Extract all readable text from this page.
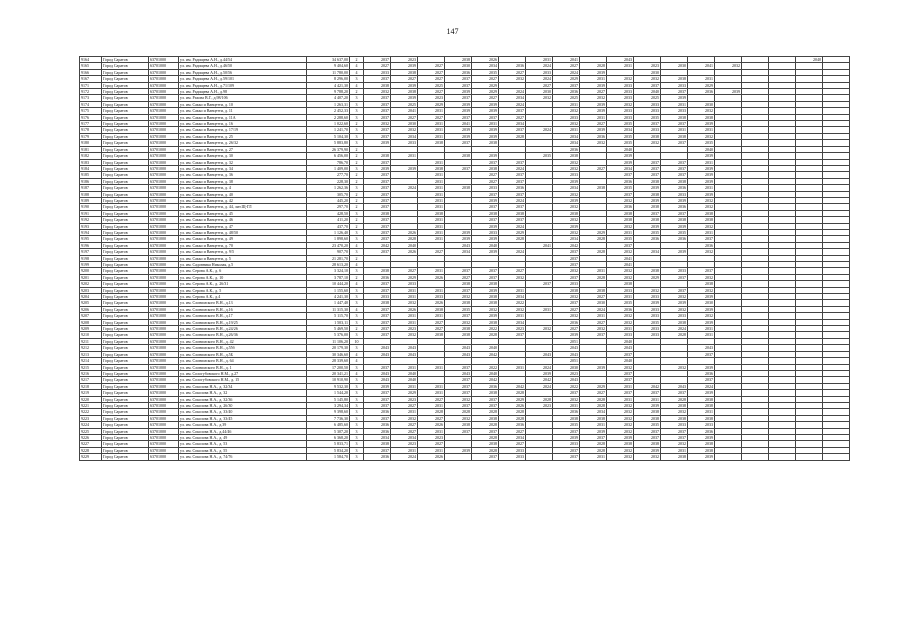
147
9164	Город Саратов	63701000	ул. им. Радищева А.Н., д.44/54	34 637,00	2	2037	2023		2038	2026		2031	2041		2043							2040	
9165	Город Саратов	63701000	ул. им. Радищева А.Н., д.46/50	9 404,60	4	2027	2039	2027	2030	2034	2036	2024	2027	2028	2031	2023	2030	2041	2032				
9166	Город Саратов	63701000	ул. им. Радищева А.Н., д.50/56	11 780,00	4	2033	2038	2027	2036	2035	2027	2033	2024	2039		2030							
9167	Город Саратов	63701000	ул. им. Радищева А.Н., д.59/101	8 296,00	3	2037	2027	2027	2037	2027	2032	2024	2029	2031	2032	2032	2038	2031					
9171	Город Саратов	63701000	ул. им. Радищева А.Н., д.71/109	4 421,30	4	2038	2039	2025	2037	2029		2027	2037	2039	2033	2037	2033	2029					
9172	Город Саратов	63701000	ул. им. Радищева А.Н., д.98	9 788,20	2	2032	2038	2027	2039	2029	2024	2030	2036	2027	2033	2040	2037	2036	2039				
9173	Город Саратов	63701000	ул. им. Рахова В.Г., д.98/106	4 407,20	3	2037	2039	2023	2037	2027	2034	2032	2025	2032	2033	2025	2039						
9174	Город Саратов	63701000	ул. им. Сакко и Ванцетти, д. 10	1 263,31	3	2037	2025	2029	2039	2039	2024		2031	2039	2032	2033	2031	2030					
9175	Город Саратов	63701000	ул. им. Сакко и Ванцетти, д. 11	2 452,33	3	2037	2041	2031	2039	2039	2037		2032	2039	2033	2033	2033	2032					
9176	Город Саратов	63701000	ул. им. Сакко и Ванцетти, д. 11А	2 288,60	3	2037	2027	2027	2037	2037	2027		2033	2031	2033	2035	2038	2038					
9177	Город Саратов	63701000	ул. им. Сакко и Ванцетти, д. 16	1 022,60	2	2032	2030	2031	2041	2031	2034		2032	2027	2035	2037	2037	2039					
9178	Город Саратов	63701000	ул. им. Сакко и Ванцетти, д. 17/19	1 241,70	3	2037	2032	2031	2039	2039	2037	2024	2031	2039	2034	2033	2031	2031					
9179	Город Саратов	63701000	ул. им. Сакко и Ванцетти, д. 25	5 104,30	3	2037	2034	2031	2039	2039	2028		2034	2036	2035	2038	2038	2032					
9180	Город Саратов	63701000	ул. им. Сакко и Ванцетти, д. 26/32	5 883,80	3	2039	2033	2038	2037	2038			2034	2032	2035	2032	2037	2035					
9181	Город Саратов	63701000	ул. им. Сакко и Ванцетти, д. 27	26 379,90	2								2036		2040			2040					
9182	Город Саратов	63701000	ул. им. Сакко и Ванцетти, д. 30	6 456,00	2	2038	2031		2038	2039		2035	2038		2039			2039					
9183	Город Саратов	63701000	ул. им. Сакко и Ванцетти, д. 32	786,70	2	2037		2031		2037	2037		2032		2039	2037	2037	2031					
9184	Город Саратов	63701000	ул. им. Сакко и Ванцетти, д. 34	1 409,00	3	2039	2039	2038	2037	2038	2024		2032	2027	2034	2037	2037	2039					
9185	Город Саратов	63701000	ул. им. Сакко и Ванцетти, д. 36	277,70	2	2037		2031		2027	2037		2033		2037	2037	2037	2039					
9186	Город Саратов	63701000	ул. им. Сакко и Ванцетти, д. 38	228,30	2	2037		2031		2027	2037		2039		2036	2038	2038	2039					
9187	Город Саратов	63701000	ул. им. Сакко и Ванцетти, д. 4	1 262,36	3	2037	2024	2031	2038	2033	2036		2034	2038	2035	2039	2036	2031					
9188	Город Саратов	63701000	ул. им. Сакко и Ванцетти, д. 40	305,70	2	2037		2031		2037	2037		2032		2037	2038	2033	2039					
9189	Город Саратов	63701000	ул. им. Сакко и Ванцетти, д. 42	445,20	2	2037		2031		2039	2024		2039		2032	2039	2039	2032					
9190	Город Саратов	63701000	ул. им. Сакко и Ванцетти, д. 44, лит.Щ-ГЛ	297,70	2	2037		2031		2037	2037		2032		2036	2038	2036	2032					
9191	Город Саратов	63701000	ул. им. Сакко и Ванцетти, д. 45	428,50	3	2038		2038		2038	2038		2038		2038	2037	2037	2038					
9192	Город Саратов	63701000	ул. им. Сакко и Ванцетти, д. 46	411,20	2	2037		2031		2037	2037		2032		2038	2038	2038	2038					
9193	Город Саратов	63701000	ул. им. Сакко и Ванцетти, д. 47	437,70	2	2037		2031		2039	2024		2039		2032	2039	2039	2032					
9194	Город Саратов	63701000	ул. им. Сакко и Ванцетти, д. 48/50	1 126,40	3	2037	2026	2031	2039	2033	2029		2032	2029	2031	2035	2035	2031					
9195	Город Саратов	63701000	ул. им. Сакко и Ванцетти, д. 49	1 898,60	3	2037	2028	2031	2039	2039	2028		2034	2028	2035	2036	2036	2037					
9196	Город Саратов	63701000	ул. им. Сакко и Ванцетти, д. 70	23 470,20	4	2042	2040		2043	2040		2041	2042		2037			2036					
9197	Город Саратов	63701000	ул. им. Сакко и Ванцетти, д. 9/5	907,70	3	2037	2026	2027	2034	2039	2024		2037	2028	2032	2034	2039	2032					
9198	Город Саратов	63701000	ул. им. Сакко и Ванцетти, д. 5	21 281,70	2								2037		2041								
9199	Город Саратов	63701000	ул. им. Садовника Николая, д.5	28 613,20	4								2037		2041								
9200	Город Саратов	63701000	ул. им. Серова А.К., д. 6	3 324,10	3	2038	2027	2031	2037	2037	2027		2032	2031	2032	2038	2033	2037					
9201	Город Саратов	63701000	ул. им. Серова А.К., д. 10	3 787,10	2	2036	2029	2026	2027	2037	2032		2037	2028	2032	2029	2037	2032					
9202	Город Саратов	63701000	ул. им. Серова А.К., д. 26/31	10 444,20	4	2037	2033		2038	2038		2037	2033		2038			2038					
9203	Город Саратов	63701000	ул. им. Серова А.К., д. 5	1 155,60	3	2037	2031	2031	2037	2039	2031		2038	2038	2033	2032	2037	2032					
9204	Город Саратов	63701000	ул. им. Серова А.К., д.4	4 241,30	3	2033	2031	2033	2032	2038	2034		2032	2027	2031	2033	2032	2039					
9205	Город Саратов	63701000	ул. им. Слонимского В.Н., д.13	1 447,40	3	2038	2032	2026	2038	2038	2022		2037	2030	2035	2039	2039	2030					
9206	Город Саратов	63701000	ул. им. Слонимского В.Н., д.16	11 315,30	4	2037	2026	2038	2035	2032	2032	2031	2027	2024	2036	2033	2032	2039					
9207	Город Саратов	63701000	ул. им. Слонимского В.Н., д.17	5 115,70	3	2037	2031	2031	2037	2039	2031		2032	2031	2032	2033	2033	2032					
9208	Город Саратов	63701000	ул. им. Слонимского В.Н., д.19/25	1 503,11	3	2037	2031	2027	2032	2038	2034		2036	2027	2032	2035	2038	2039					
9209	Город Саратов	63701000	ул. им. Слонимского В.Н., д.24/26	5 469,50	2	2037	2023	2027	2038	2022	2023	2032	2027	2032	2031	2033	2024	2031					
9210	Город Саратов	63701000	ул. им. Слонимского В.Н., д.26/36	5 376,00	3	2037	2032	2038	2038	2028	2037		2039	2037	2033	2033	2028	2031					
9211	Город Саратов	63701000	ул. им. Слонимского В.Н., д. 42	11 106,20	10								2051		2040								
9212	Город Саратов	63701000	ул. им. Слонимского В.Н., д.55б	20 179,30	3	2043	2043		2043	2040			2043		2043			2043					
9213	Город Саратов	63701000	ул. им. Слонимского В.Н., д.5Б	30 346,60	4	2043	2043		2043	2042		2043	2043		2037			2037					
9214	Город Саратов	63701000	ул. им. Слонимского В.Н., д. 64	28 339,60	4								2051		2040								
9215	Город Саратов	63701000	ул. им. Слонимского В.Н., д. 1	17 200,50	3	2037	2031	2031	2037	2022	2031	2024	2030	2039	2032		2032	2039					
9216	Город Саратов	63701000	ул. им. Сологубовского Н.М., д.27	20 341,21	4	2043	2040		2043	2040		2039	2023		2037			2036					
9217	Город Саратов	63701000	ул. им. Сологубовского Н.М., д. 15	10 910,90	3	2043	2040		2037	2042		2042	2043		2037			2037					
9218	Город Саратов	63701000	ул. им. Соколова Н.А., д. 32/34	9 532,30	3	2039	2031	2031	2037	2036	2042	2024	2022	2029	2031	2042	2043	2024					
9219	Город Саратов	63701000	ул. им. Соколова Н.А., д. 32	1 544,20	3	2037	2029	2031	2037	2038	2028		2037	2027	2037	2037	2037	2039					
9220	Город Саратов	63701000	ул. им. Соколова Н.А., д. 32/36	5 145,80	3	2037	2023	2027	2032	2037	2029	2028	2032	2028	2031	2031	2028	2038					
9221	Город Саратов	63701000	ул. им. Соколова Н.А., д. 26/30	3 294,34	3	2037	2027	2031	2037	2037	2026	2023	2031	2028	2032	2039	2038	2038					
9222	Город Саратов	63701000	ул. им. Соколова Н.А., д. 33/40	9 398,60	3	2036	2031	2028	2028	2028	2028		2036	2034	2032	2038	2032	2031					
9223	Город Саратов	63701000	ул. им. Соколова Н.А., д. 33/45	7 736,30	3	2037	2032	2027	2032	2038	2028		2038	2038	2032	2038	2038	2038					
9224	Город Саратов	63701000	ул. им. Соколова Н.А., д.39	6 485,60	3	2036	2027	2026	2038	2028	2036		2035	2031	2032	2035	2033	2033					
9225	Город Саратов	63701000	ул. им. Соколова Н.А., д.44/46	5 307,20	3	2036	2027	2031	2037	2037	2027		2037	2039	2032	2037	2037	2036					
9226	Город Саратов	63701000	ул. им. Соколова Н.А., д. 49	6 368,20	3	2034	2034	2023		2028	2034		2039	2037	2039	2037	2037	2039					
9227	Город Саратов	63701000	ул. им. Соколова Н.А., д. 53	5 833,71	3	2038	2023	2027		2038	2027		2033	2028	2038	2038	2032	2038					
9228	Город Саратов	63701000	ул. им. Соколова Н.А., д. 55	5 834,20	3	2037	2031	2031	2039	2028	2033		2037	2028	2032	2039	2031	2038					
9229	Город Саратов	63701000	ул. им. Соколова Н.А., д. 74/76	1 584,70	3	2036	2024	2026		2037	2033		2037	2031	2032	2032	2038	2039					
